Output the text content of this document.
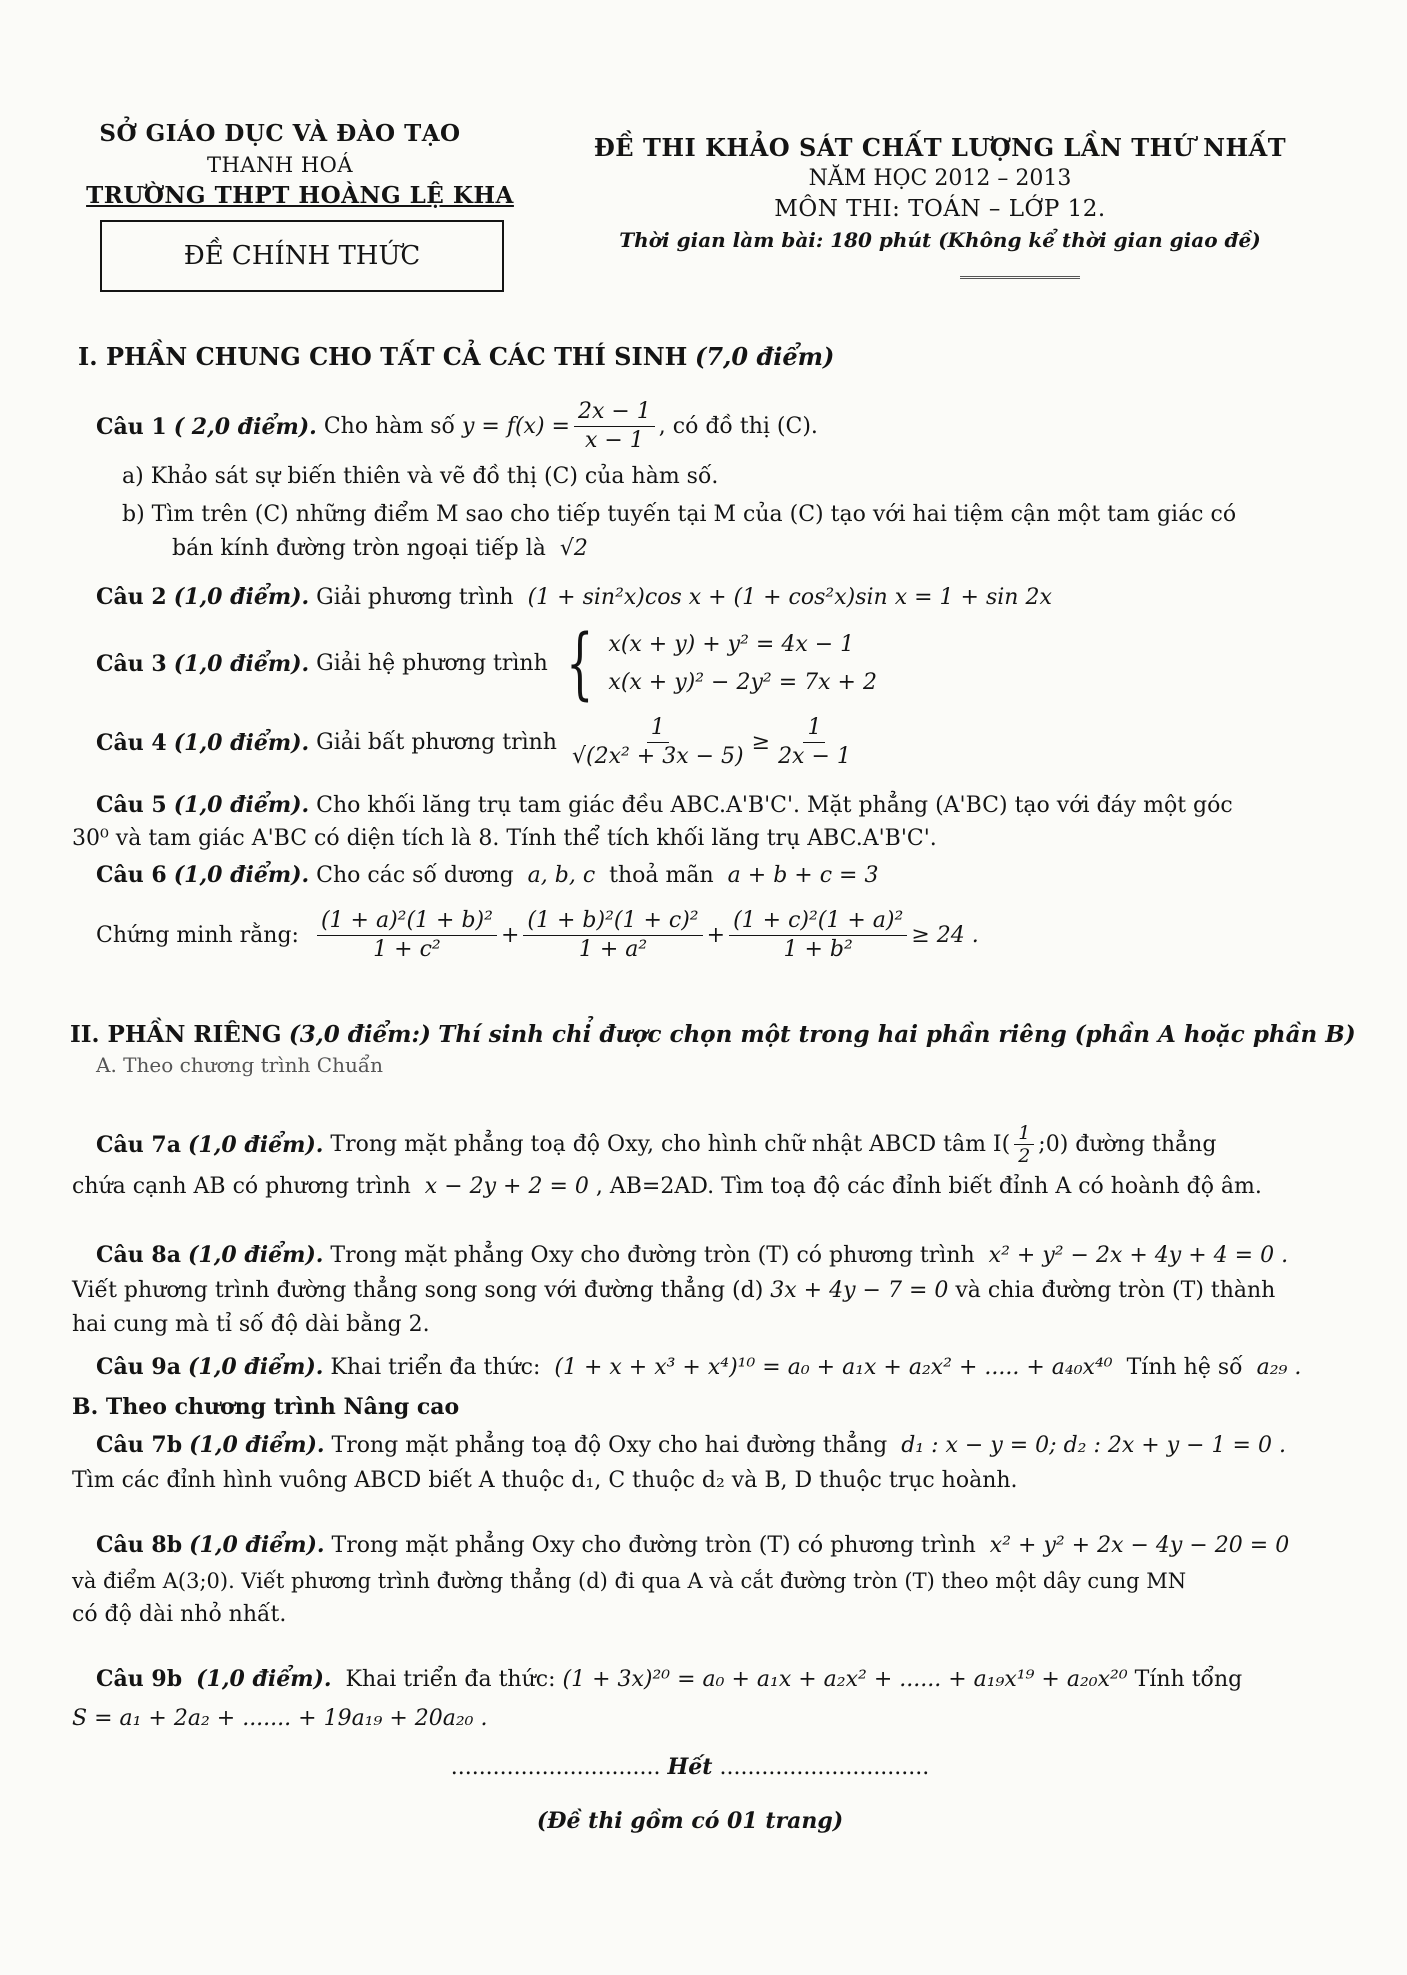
SỞ GIÁO DỤC VÀ ĐÀO TẠO
THANH HOÁ
TRƯỜNG THPT HOÀNG LỆ KHA
ĐỀ CHÍNH THỨC
ĐỀ THI KHẢO SÁT CHẤT LƯỢNG LẦN THỨ NHẤT
NĂM HỌC 2012 – 2013
MÔN THI: TOÁN – LỚP 12.
Thời gian làm bài: 180 phút (Không kể thời gian giao đề)
I. PHẦN CHUNG CHO TẤT CẢ CÁC THÍ SINH (7,0 điểm)
Câu 1
( 2,0 điểm).
Cho hàm số
$y = f(x) = \frac{2x - 1}{x - 1}$ , có đồ thị (C).
a) Khảo sát sự biến thiên và vẽ đồ thị (C) của hàm số.
b) Tìm trên (C) những điểm M sao cho tiếp tuyến tại M của (C) tạo với hai tiệm cận một tam giác có
bán kính đường tròn ngoại tiếp là √2
Câu 2 (1,0 điểm). Giải phương trình (1 + sin²x)cos x + (1 + cos²x)sin x = 1 + sin 2x
Câu 3
(1,0 điểm).
Giải hệ phương trình
{ x(x + y) + y² = 4x − 1
x(x + y)² − 2y² = 7x + 2
Câu 4
(1,0 điểm).
Giải bất phương trình
$\frac{1}{\text{√(2x² + 3x − 5)}} \ge \frac{1}{2x - 1}$
Câu 5 (1,0 điểm). Cho khối lăng trụ tam giác đều ABC.A'B'C'. Mặt phẳng (A'BC) tạo với đáy một góc
30⁰ và tam giác A'BC có diện tích là 8. Tính thể tích khối lăng trụ ABC.A'B'C'.
Câu 6 (1,0 điểm). Cho các số dương a, b, c thoả mãn a + b + c = 3
Chứng minh rằng:
$\frac{\text{(1 + a)²(1 + b)²}}{\text{1 + c²}} + \frac{\text{(1 + b)²(1 + c)²}}{\text{1 + a²}} + \frac{\text{(1 + c)²(1 + a)²}}{\text{1 + b²}} \ge 24$ .
II. PHẦN RIÊNG (3,0 điểm:) Thí sinh chỉ được chọn một trong hai phần riêng (phần A hoặc phần B)
A. Theo chương trình Chuẩn
Câu 7a
(1,0 điểm).
Trong mặt phẳng toạ độ Oxy, cho hình chữ nhật ABCD tâm $I( \frac{1}{2}$ ;0) đường thẳng
chứa cạnh AB có phương trình x − 2y + 2 = 0 , AB=2AD. Tìm toạ độ các đỉnh biết đỉnh A có hoành độ âm.
Câu 8a (1,0 điểm). Trong mặt phẳng Oxy cho đường tròn (T) có phương trình x² + y² − 2x + 4y + 4 = 0 .
Viết phương trình đường thẳng song song với đường thẳng (d) 3x + 4y − 7 = 0 và chia đường tròn (T) thành
hai cung mà tỉ số độ dài bằng 2.
Câu 9a (1,0 điểm). Khai triển đa thức: (1 + x + x³ + x⁴)¹⁰ = a₀ + a₁x + a₂x² + ..... + a₄₀x⁴⁰ Tính hệ số a₂₉ .
B. Theo chương trình Nâng cao
Câu 7b (1,0 điểm). Trong mặt phẳng toạ độ Oxy cho hai đường thẳng d₁ : x − y = 0; d₂ : 2x + y − 1 = 0 .
Tìm các đỉnh hình vuông ABCD biết A thuộc d₁, C thuộc d₂ và B, D thuộc trục hoành.
Câu 8b (1,0 điểm). Trong mặt phẳng Oxy cho đường tròn (T) có phương trình x² + y² + 2x − 4y − 20 = 0
và điểm A(3;0). Viết phương trình đường thẳng (d) đi qua A và cắt đường tròn (T) theo một dây cung MN
có độ dài nhỏ nhất.
Câu 9b (1,0 điểm). Khai triển đa thức: (1 + 3x)²⁰ = a₀ + a₁x + a₂x² + ...... + a₁₉x¹⁹ + a₂₀x²⁰ Tính tổng
S = a₁ + 2a₂ + ....... + 19a₁₉ + 20a₂₀ .
.............................. Hết ..............................
(Đề thi gồm có 01 trang)
